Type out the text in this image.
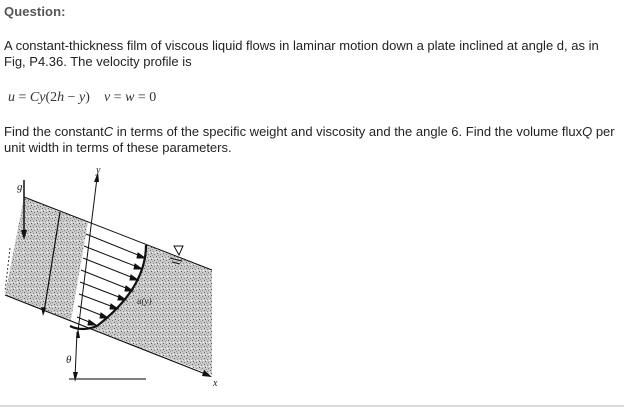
Question:
A constant-thickness film of viscous liquid flows in laminar motion down a plate inclined at angle d, as in
Fig, P4.36. The velocity profile is
u = Cy(2h − y) v = w = 0
Find the constantC in terms of the specific weight and viscosity and the angle 6. Find the volume fluxQ per
unit width in terms of these parameters.
g
y
x
u(y)
θ
